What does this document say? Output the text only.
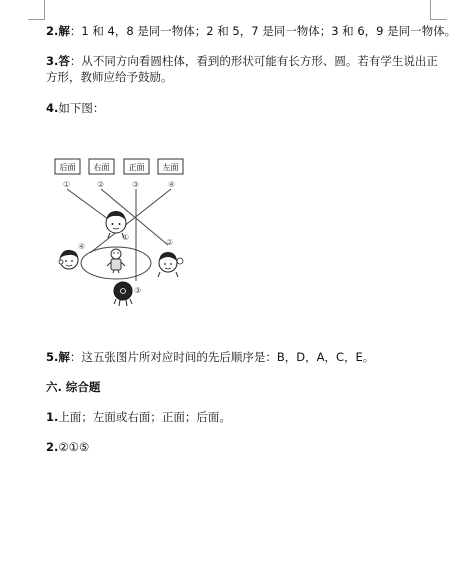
2.解：1 和 4，8 是同一物体；2 和 5，7 是同一物体；3 和 6，9 是同一物体。
3.答：从不同方向看圆柱体，看到的形状可能有长方形、圆。若有学生说出正
方形，教师应给予鼓励。
4.如下图：
后面 右面 正面 左面
①	②	③	④
①
②
④
③
5.解：这五张图片所对应时间的先后顺序是：B，D，A，C，E。
六. 综合题
1.上面；左面或右面；正面；后面。
2.②①⑤
